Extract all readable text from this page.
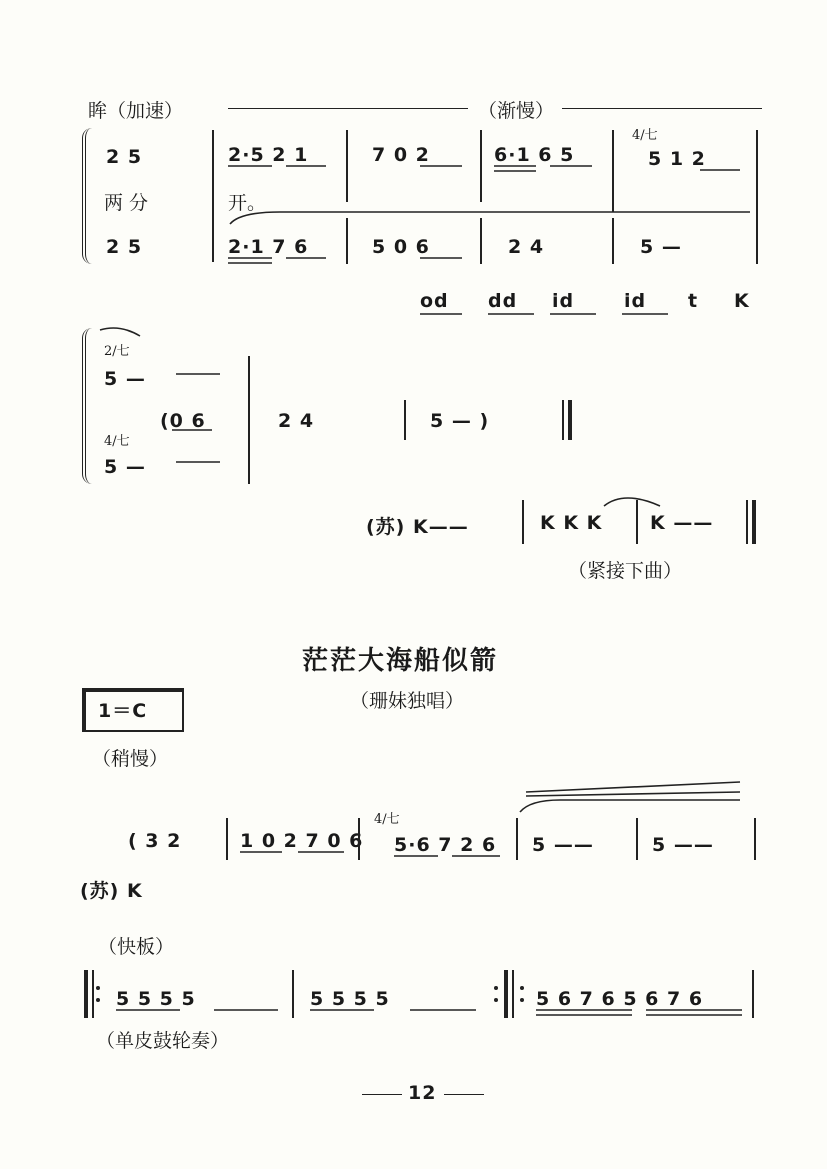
眸（加速）	（渐慢）
2 5
两 分
2 5
2·5 2 1	7 0 2	6·1 6 5
4/七
5 1 2
开。
2·1 7 6	5 0 6	2 4	5 —
od dd id	id t K
2/七
5 —
4/七
5 —
(0 6	2 4	5 — )
(苏) K——	K K K	K ——
（紧接下曲）
茫茫大海船似箭
（珊妹独唱）
1＝C
（稍慢）
( 3 2	1 0 2 7 0 6
4/七
5·6 7 2 6 5 ——	5 ——
(苏) K
（快板）
5 5 5 5	5 5 5 5	5 6 7 6 5 6 7 6
（单皮鼓轮奏）
12
